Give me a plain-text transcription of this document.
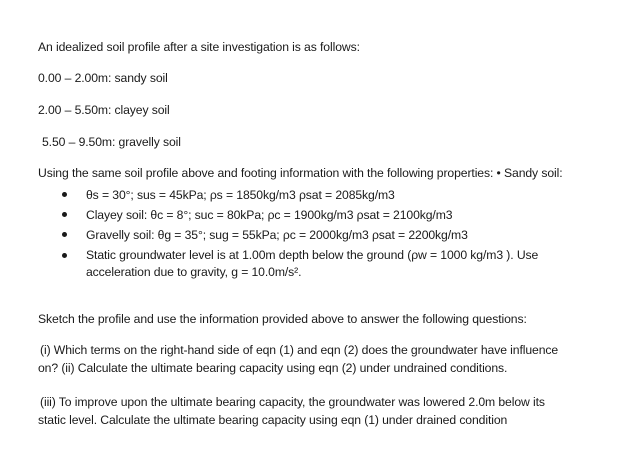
An idealized soil profile after a site investigation is as follows:
0.00 – 2.00m: sandy soil
2.00 – 5.50m: clayey soil
5.50 – 9.50m: gravelly soil
Using the same soil profile above and footing information with the following properties: • Sandy soil:
θs = 30°; sus = 45kPa; ρs = 1850kg/m3 ρsat = 2085kg/m3
Clayey soil: θc = 8°; suc = 80kPa; ρc = 1900kg/m3 ρsat = 2100kg/m3
Gravelly soil: θg = 35°; sug = 55kPa; ρc = 2000kg/m3 ρsat = 2200kg/m3
Static groundwater level is at 1.00m depth below the ground (ρw = 1000 kg/m3 ). Use
acceleration due to gravity, g = 10.0m/s².
Sketch the profile and use the information provided above to answer the following questions:
(i) Which terms on the right-hand side of eqn (1) and eqn (2) does the groundwater have influence
on? (ii) Calculate the ultimate bearing capacity using eqn (2) under undrained conditions.
(iii) To improve upon the ultimate bearing capacity, the groundwater was lowered 2.0m below its
static level. Calculate the ultimate bearing capacity using eqn (1) under drained condition
